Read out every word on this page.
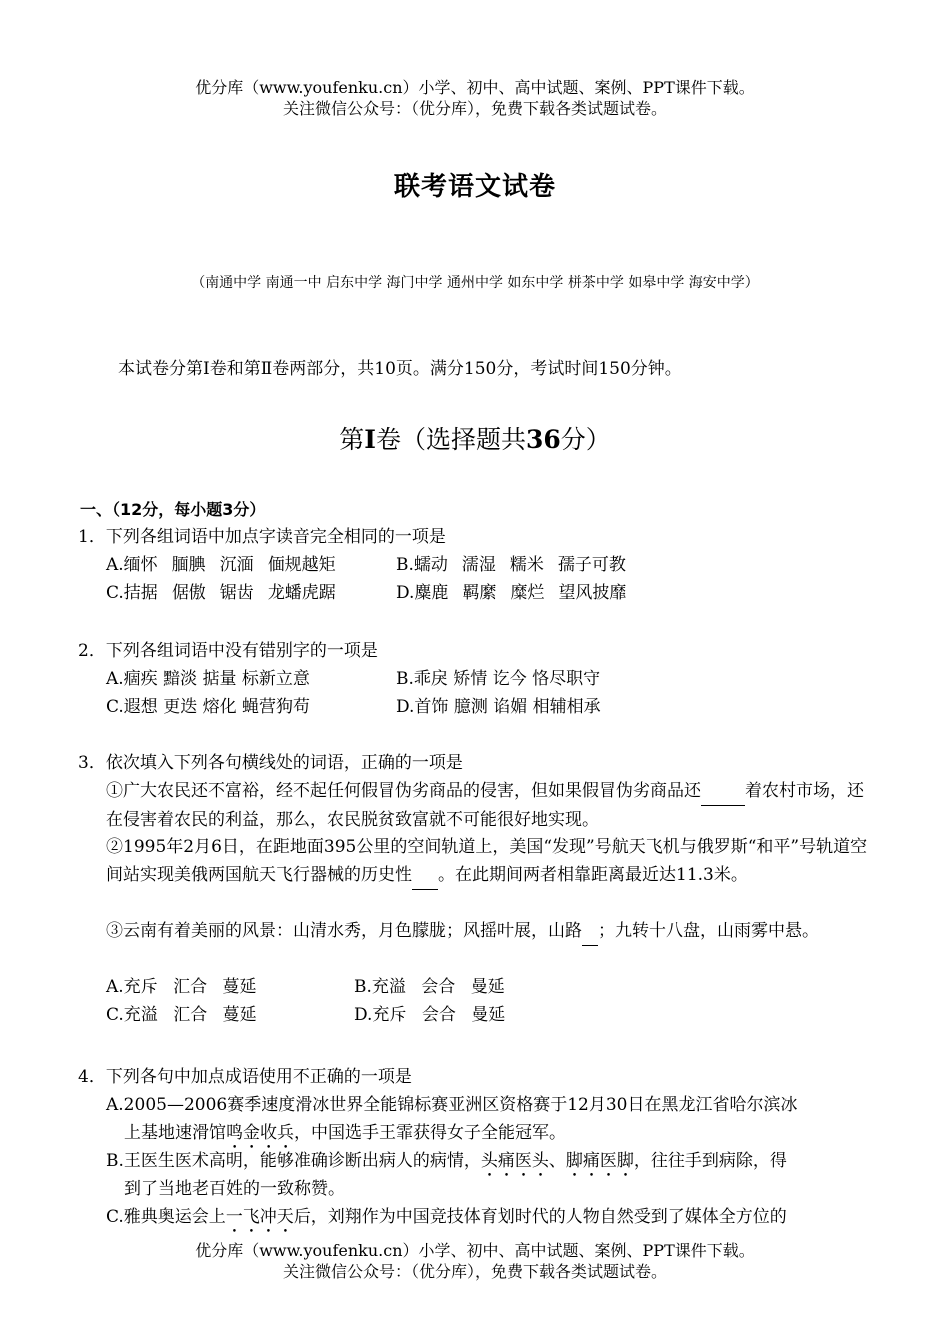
优分库（www.youfenku.cn）小学、初中、高中试题、案例、PPT课件下载。
关注微信公众号：（优分库），免费下载各类试题试卷。
联考语文试卷
（南通中学 南通一中 启东中学 海门中学 通州中学 如东中学 栟茶中学 如皋中学 海安中学）
本试卷分第Ⅰ卷和第Ⅱ卷两部分，共10页。满分150分，考试时间150分钟。
第I卷（选择题共36分）
一、（12分，每小题3分）
1．下列各组词语中加点字读音完全相同的一项是
A.缅怀 腼腆 沉湎 偭规越矩	B.蠕动 濡湿 糯米 孺子可教
C.拮据 倨傲 锯齿 龙蟠虎踞	D.麋鹿 羁縻 糜烂 望风披靡
2．下列各组词语中没有错别字的一项是
A.痼疾 黯淡 掂量 标新立意	B.乖戾 矫情 讫今 恪尽职守
C.遐想 更迭 熔化 蝇营狗苟	D.首饰 臆测 谄媚 相辅相承
3．依次填入下列各句横线处的词语，正确的一项是
①广大农民还不富裕，经不起任何假冒伪劣商品的侵害，但如果假冒伪劣商品还	着农村市场，还在侵害着农民的利益，那么，农民脱贫致富就不可能很好地实现。
②1995年2月6日，在距地面395公里的空间轨道上，美国“发现”号航天飞机与俄罗斯“和平”号轨道空间站实现美俄两国航天飞行器械的历史性 。在此期间两者相靠距离最近达11.3米。
③云南有着美丽的风景：山清水秀，月色朦胧；风摇叶展，山路 ；九转十八盘，山雨雾中悬。
A.充斥 汇合 蔓延	B.充溢 会合 曼延
C.充溢 汇合 蔓延	D.充斥 会合 曼延
4．下列各句中加点成语使用不正确的一项是
A.2005—2006赛季速度滑冰世界全能锦标赛亚洲区资格赛于12月30日在黑龙江省哈尔滨冰
上基地速滑馆鸣金收兵，中国选手王霏获得女子全能冠军。
B.王医生医术高明，能够准确诊断出病人的病情，头痛医头、脚痛医脚，往往手到病除，得
到了当地老百姓的一致称赞。
C.雅典奥运会上一飞冲天后，刘翔作为中国竞技体育划时代的人物自然受到了媒体全方位的
优分库（www.youfenku.cn）小学、初中、高中试题、案例、PPT课件下载。
关注微信公众号：（优分库），免费下载各类试题试卷。
